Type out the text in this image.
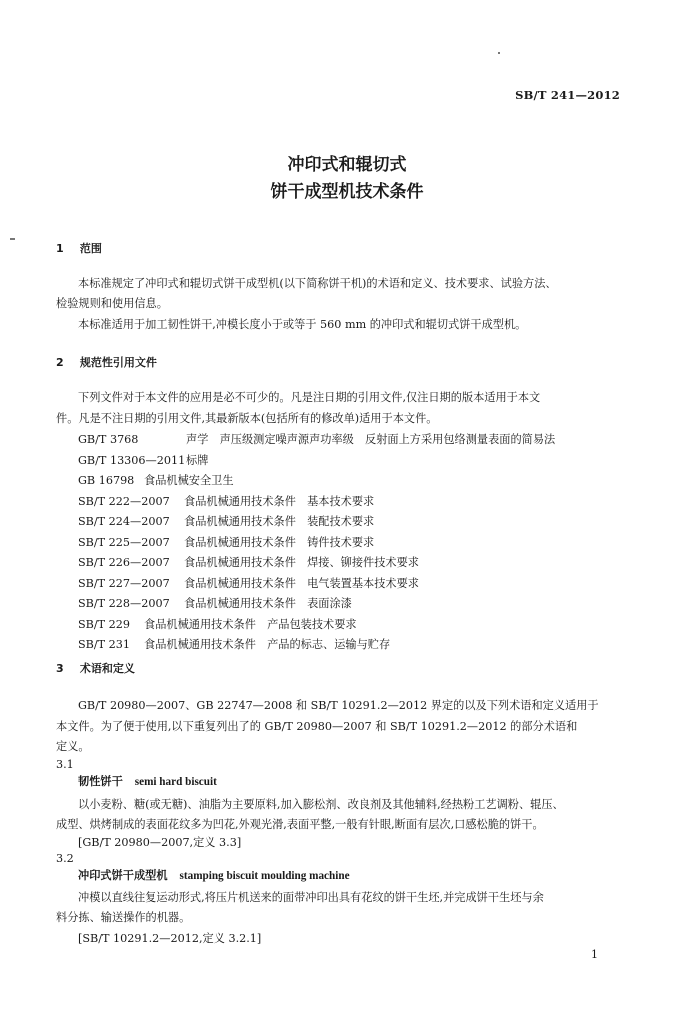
SB/T 241—2012
冲印式和辊切式
饼干成型机技术条件
1 范围
本标准规定了冲印式和辊切式饼干成型机(以下简称饼干机)的术语和定义、技术要求、试验方法、
检验规则和使用信息。
本标准适用于加工韧性饼干,冲模长度小于或等于 560 mm 的冲印式和辊切式饼干成型机。
2 规范性引用文件
下列文件对于本文件的应用是必不可少的。凡是注日期的引用文件,仅注日期的版本适用于本文
件。凡是不注日期的引用文件,其最新版本(包括所有的修改单)适用于本文件。
GB/T 3768	声学　声压级测定噪声源声功率级　反射面上方采用包络测量表面的简易法
GB/T 13306—2011标牌
GB 16798 食品机械安全卫生
SB/T 222—2007 食品机械通用技术条件　基本技术要求
SB/T 224—2007 食品机械通用技术条件　装配技术要求
SB/T 225—2007 食品机械通用技术条件　铸件技术要求
SB/T 226—2007 食品机械通用技术条件　焊接、铆接件技术要求
SB/T 227—2007 食品机械通用技术条件　电气装置基本技术要求
SB/T 228—2007 食品机械通用技术条件　表面涂漆
SB/T 229 食品机械通用技术条件　产品包装技术要求
SB/T 231 食品机械通用技术条件　产品的标志、运输与贮存
3 术语和定义
GB/T 20980—2007、GB 22747—2008 和 SB/T 10291.2—2012 界定的以及下列术语和定义适用于
本文件。为了便于使用,以下重复列出了的 GB/T 20980—2007 和 SB/T 10291.2—2012 的部分术语和
定义。
3.1
韧性饼干 semi hard biscuit
以小麦粉、糖(或无糖)、油脂为主要原料,加入膨松剂、改良剂及其他辅料,经热粉工艺调粉、辊压、
成型、烘烤制成的表面花纹多为凹花,外观光滑,表面平整,一般有针眼,断面有层次,口感松脆的饼干。
[GB/T 20980—2007,定义 3.3]
3.2
冲印式饼干成型机 stamping biscuit moulding machine
冲模以直线往复运动形式,将压片机送来的面带冲印出具有花纹的饼干生坯,并完成饼干生坯与余
料分拣、输送操作的机器。
[SB/T 10291.2—2012,定义 3.2.1]
1
